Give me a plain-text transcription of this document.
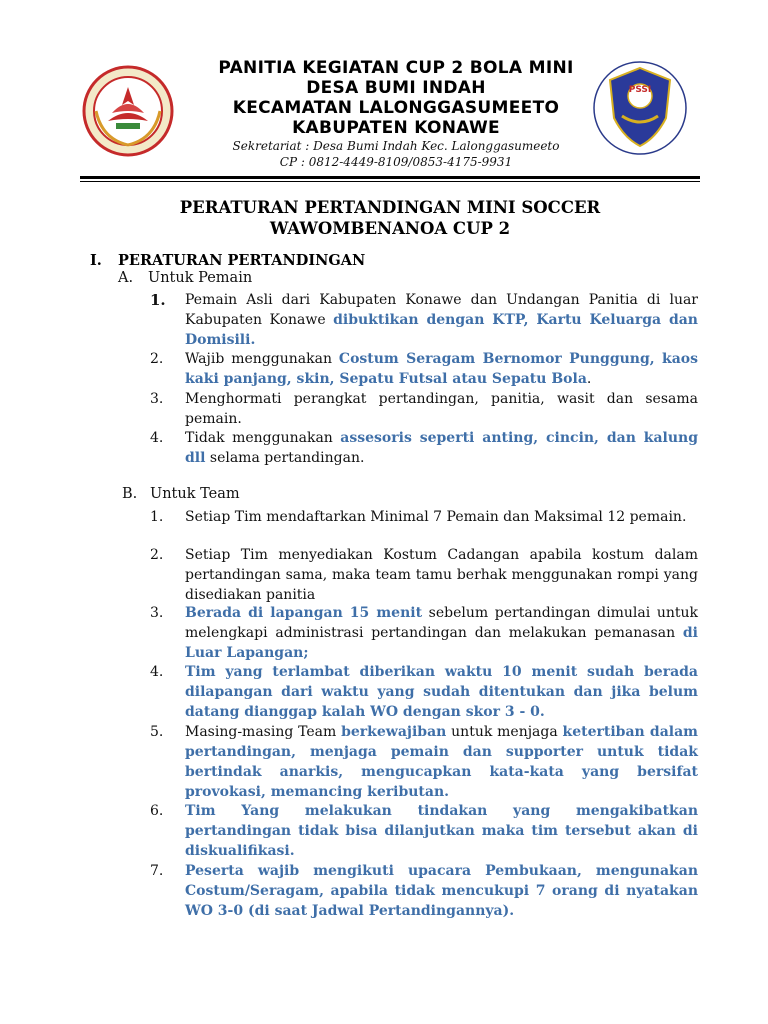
PSSI
PANITIA KEGIATAN CUP 2 BOLA MINI
DESA BUMI INDAH
KECAMATAN LALONGGASUMEETO
KABUPATEN KONAWE
Sekretariat : Desa Bumi Indah Kec. Lalonggasumeeto
CP : 0812-4449-8109/0853-4175-9931
PERATURAN PERTANDINGAN MINI SOCCER
WAWOMBENANOA CUP 2
I. PERATURAN PERTANDINGAN
A. Untuk Pemain
1.	Pemain Asli dari Kabupaten Konawe dan Undangan Panitia di luar Kabupaten Konawe dibuktikan dengan KTP, Kartu Keluarga dan Domisili.
2.	Wajib menggunakan Costum Seragam Bernomor Punggung, kaos kaki panjang, skin, Sepatu Futsal atau Sepatu Bola.
3.	Menghormati perangkat pertandingan, panitia, wasit dan sesama pemain.
4.	Tidak menggunakan assesoris seperti anting, cincin, dan kalung dll selama pertandingan.
B. Untuk Team
1.	Setiap Tim mendaftarkan Minimal 7 Pemain dan Maksimal 12 pemain.
2.	Setiap Tim menyediakan Kostum Cadangan apabila kostum dalam pertandingan sama, maka team tamu berhak menggunakan rompi yang disediakan panitia
3.	Berada di lapangan 15 menit sebelum pertandingan dimulai untuk melengkapi administrasi pertandingan dan melakukan pemanasan di Luar Lapangan;
4.	Tim yang terlambat diberikan waktu 10 menit sudah berada dilapangan dari waktu yang sudah ditentukan dan jika belum datang dianggap kalah WO dengan skor 3 - 0.
5.	Masing-masing Team berkewajiban untuk menjaga ketertiban dalam pertandingan, menjaga pemain dan supporter untuk tidak bertindak anarkis, mengucapkan kata-kata yang bersifat provokasi, memancing keributan.
6.	Tim Yang melakukan tindakan yang mengakibatkan pertandingan tidak bisa dilanjutkan maka tim tersebut akan di diskualifikasi.
7.	Peserta wajib mengikuti upacara Pembukaan, mengunakan Costum/Seragam, apabila tidak mencukupi 7 orang di nyatakan WO 3-0 (di saat Jadwal Pertandingannya).
